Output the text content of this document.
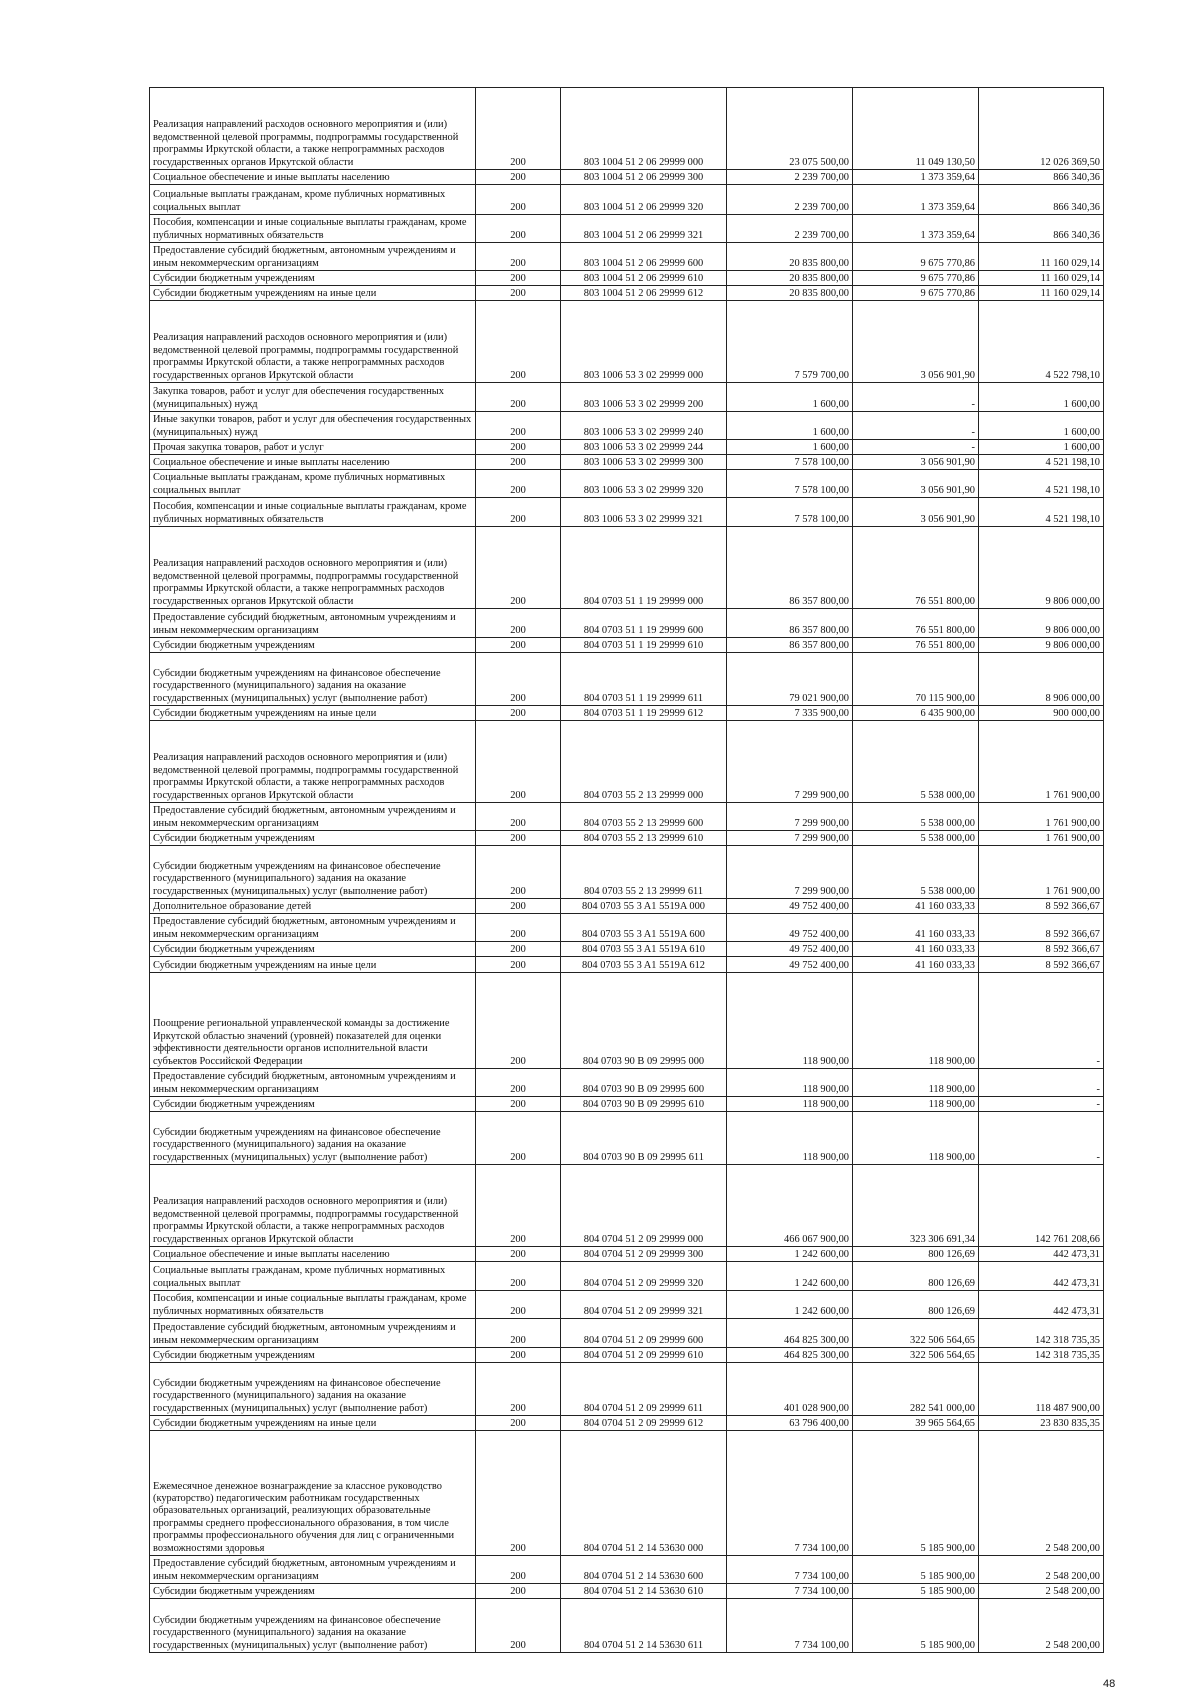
Реализация направлений расходов основного мероприятия и (или) ведомственной целевой программы, подпрограммы государственной программы Иркутской области, а также непрограммных расходов государственных органов Иркутской области	200	803 1004 51 2 06 29999 000	23 075 500,00	11 049 130,50	12 026 369,50
Социальное обеспечение и иные выплаты населению	200	803 1004 51 2 06 29999 300	2 239 700,00	1 373 359,64	866 340,36
Социальные выплаты гражданам, кроме публичных нормативных социальных выплат	200	803 1004 51 2 06 29999 320	2 239 700,00	1 373 359,64	866 340,36
Пособия, компенсации и иные социальные выплаты гражданам, кроме публичных нормативных обязательств	200	803 1004 51 2 06 29999 321	2 239 700,00	1 373 359,64	866 340,36
Предоставление субсидий бюджетным, автономным учреждениям и иным некоммерческим организациям	200	803 1004 51 2 06 29999 600	20 835 800,00	9 675 770,86	11 160 029,14
Субсидии бюджетным учреждениям	200	803 1004 51 2 06 29999 610	20 835 800,00	9 675 770,86	11 160 029,14
Субсидии бюджетным учреждениям на иные цели	200	803 1004 51 2 06 29999 612	20 835 800,00	9 675 770,86	11 160 029,14
Реализация направлений расходов основного мероприятия и (или) ведомственной целевой программы, подпрограммы государственной программы Иркутской области, а также непрограммных расходов государственных органов Иркутской области	200	803 1006 53 3 02 29999 000	7 579 700,00	3 056 901,90	4 522 798,10
Закупка товаров, работ и услуг для обеспечения государственных (муниципальных) нужд	200	803 1006 53 3 02 29999 200	1 600,00	-	1 600,00
Иные закупки товаров, работ и услуг для обеспечения государственных (муниципальных) нужд	200	803 1006 53 3 02 29999 240	1 600,00	-	1 600,00
Прочая закупка товаров, работ и услуг	200	803 1006 53 3 02 29999 244	1 600,00	-	1 600,00
Социальное обеспечение и иные выплаты населению	200	803 1006 53 3 02 29999 300	7 578 100,00	3 056 901,90	4 521 198,10
Социальные выплаты гражданам, кроме публичных нормативных социальных выплат	200	803 1006 53 3 02 29999 320	7 578 100,00	3 056 901,90	4 521 198,10
Пособия, компенсации и иные социальные выплаты гражданам, кроме публичных нормативных обязательств	200	803 1006 53 3 02 29999 321	7 578 100,00	3 056 901,90	4 521 198,10
Реализация направлений расходов основного мероприятия и (или) ведомственной целевой программы, подпрограммы государственной программы Иркутской области, а также непрограммных расходов государственных органов Иркутской области	200	804 0703 51 1 19 29999 000	86 357 800,00	76 551 800,00	9 806 000,00
Предоставление субсидий бюджетным, автономным учреждениям и иным некоммерческим организациям	200	804 0703 51 1 19 29999 600	86 357 800,00	76 551 800,00	9 806 000,00
Субсидии бюджетным учреждениям	200	804 0703 51 1 19 29999 610	86 357 800,00	76 551 800,00	9 806 000,00
Субсидии бюджетным учреждениям на финансовое обеспечение государственного (муниципального) задания на оказание государственных (муниципальных) услуг (выполнение работ)	200	804 0703 51 1 19 29999 611	79 021 900,00	70 115 900,00	8 906 000,00
Субсидии бюджетным учреждениям на иные цели	200	804 0703 51 1 19 29999 612	7 335 900,00	6 435 900,00	900 000,00
Реализация направлений расходов основного мероприятия и (или) ведомственной целевой программы, подпрограммы государственной программы Иркутской области, а также непрограммных расходов государственных органов Иркутской области	200	804 0703 55 2 13 29999 000	7 299 900,00	5 538 000,00	1 761 900,00
Предоставление субсидий бюджетным, автономным учреждениям и иным некоммерческим организациям	200	804 0703 55 2 13 29999 600	7 299 900,00	5 538 000,00	1 761 900,00
Субсидии бюджетным учреждениям	200	804 0703 55 2 13 29999 610	7 299 900,00	5 538 000,00	1 761 900,00
Субсидии бюджетным учреждениям на финансовое обеспечение государственного (муниципального) задания на оказание государственных (муниципальных) услуг (выполнение работ)	200	804 0703 55 2 13 29999 611	7 299 900,00	5 538 000,00	1 761 900,00
Дополнительное образование детей	200	804 0703 55 3 A1 5519A 000	49 752 400,00	41 160 033,33	8 592 366,67
Предоставление субсидий бюджетным, автономным учреждениям и иным некоммерческим организациям	200	804 0703 55 3 A1 5519A 600	49 752 400,00	41 160 033,33	8 592 366,67
Субсидии бюджетным учреждениям	200	804 0703 55 3 A1 5519A 610	49 752 400,00	41 160 033,33	8 592 366,67
Субсидии бюджетным учреждениям на иные цели	200	804 0703 55 3 A1 5519A 612	49 752 400,00	41 160 033,33	8 592 366,67
Поощрение региональной управленческой команды за достижение Иркутской областью значений (уровней) показателей для оценки эффективности деятельности органов исполнительной власти субъектов Российской Федерации	200	804 0703 90 B 09 29995 000	118 900,00	118 900,00	-
Предоставление субсидий бюджетным, автономным учреждениям и иным некоммерческим организациям	200	804 0703 90 B 09 29995 600	118 900,00	118 900,00	-
Субсидии бюджетным учреждениям	200	804 0703 90 B 09 29995 610	118 900,00	118 900,00	-
Субсидии бюджетным учреждениям на финансовое обеспечение государственного (муниципального) задания на оказание государственных (муниципальных) услуг (выполнение работ)	200	804 0703 90 B 09 29995 611	118 900,00	118 900,00	-
Реализация направлений расходов основного мероприятия и (или) ведомственной целевой программы, подпрограммы государственной программы Иркутской области, а также непрограммных расходов государственных органов Иркутской области	200	804 0704 51 2 09 29999 000	466 067 900,00	323 306 691,34	142 761 208,66
Социальное обеспечение и иные выплаты населению	200	804 0704 51 2 09 29999 300	1 242 600,00	800 126,69	442 473,31
Социальные выплаты гражданам, кроме публичных нормативных социальных выплат	200	804 0704 51 2 09 29999 320	1 242 600,00	800 126,69	442 473,31
Пособия, компенсации и иные социальные выплаты гражданам, кроме публичных нормативных обязательств	200	804 0704 51 2 09 29999 321	1 242 600,00	800 126,69	442 473,31
Предоставление субсидий бюджетным, автономным учреждениям и иным некоммерческим организациям	200	804 0704 51 2 09 29999 600	464 825 300,00	322 506 564,65	142 318 735,35
Субсидии бюджетным учреждениям	200	804 0704 51 2 09 29999 610	464 825 300,00	322 506 564,65	142 318 735,35
Субсидии бюджетным учреждениям на финансовое обеспечение государственного (муниципального) задания на оказание государственных (муниципальных) услуг (выполнение работ)	200	804 0704 51 2 09 29999 611	401 028 900,00	282 541 000,00	118 487 900,00
Субсидии бюджетным учреждениям на иные цели	200	804 0704 51 2 09 29999 612	63 796 400,00	39 965 564,65	23 830 835,35
Ежемесячное денежное вознаграждение за классное руководство (кураторство) педагогическим работникам государственных образовательных организаций, реализующих образовательные программы среднего профессионального образования, в том числе программы профессионального обучения для лиц с ограниченными возможностями здоровья	200	804 0704 51 2 14 53630 000	7 734 100,00	5 185 900,00	2 548 200,00
Предоставление субсидий бюджетным, автономным учреждениям и иным некоммерческим организациям	200	804 0704 51 2 14 53630 600	7 734 100,00	5 185 900,00	2 548 200,00
Субсидии бюджетным учреждениям	200	804 0704 51 2 14 53630 610	7 734 100,00	5 185 900,00	2 548 200,00
Субсидии бюджетным учреждениям на финансовое обеспечение государственного (муниципального) задания на оказание государственных (муниципальных) услуг (выполнение работ)	200	804 0704 51 2 14 53630 611	7 734 100,00	5 185 900,00	2 548 200,00
48
